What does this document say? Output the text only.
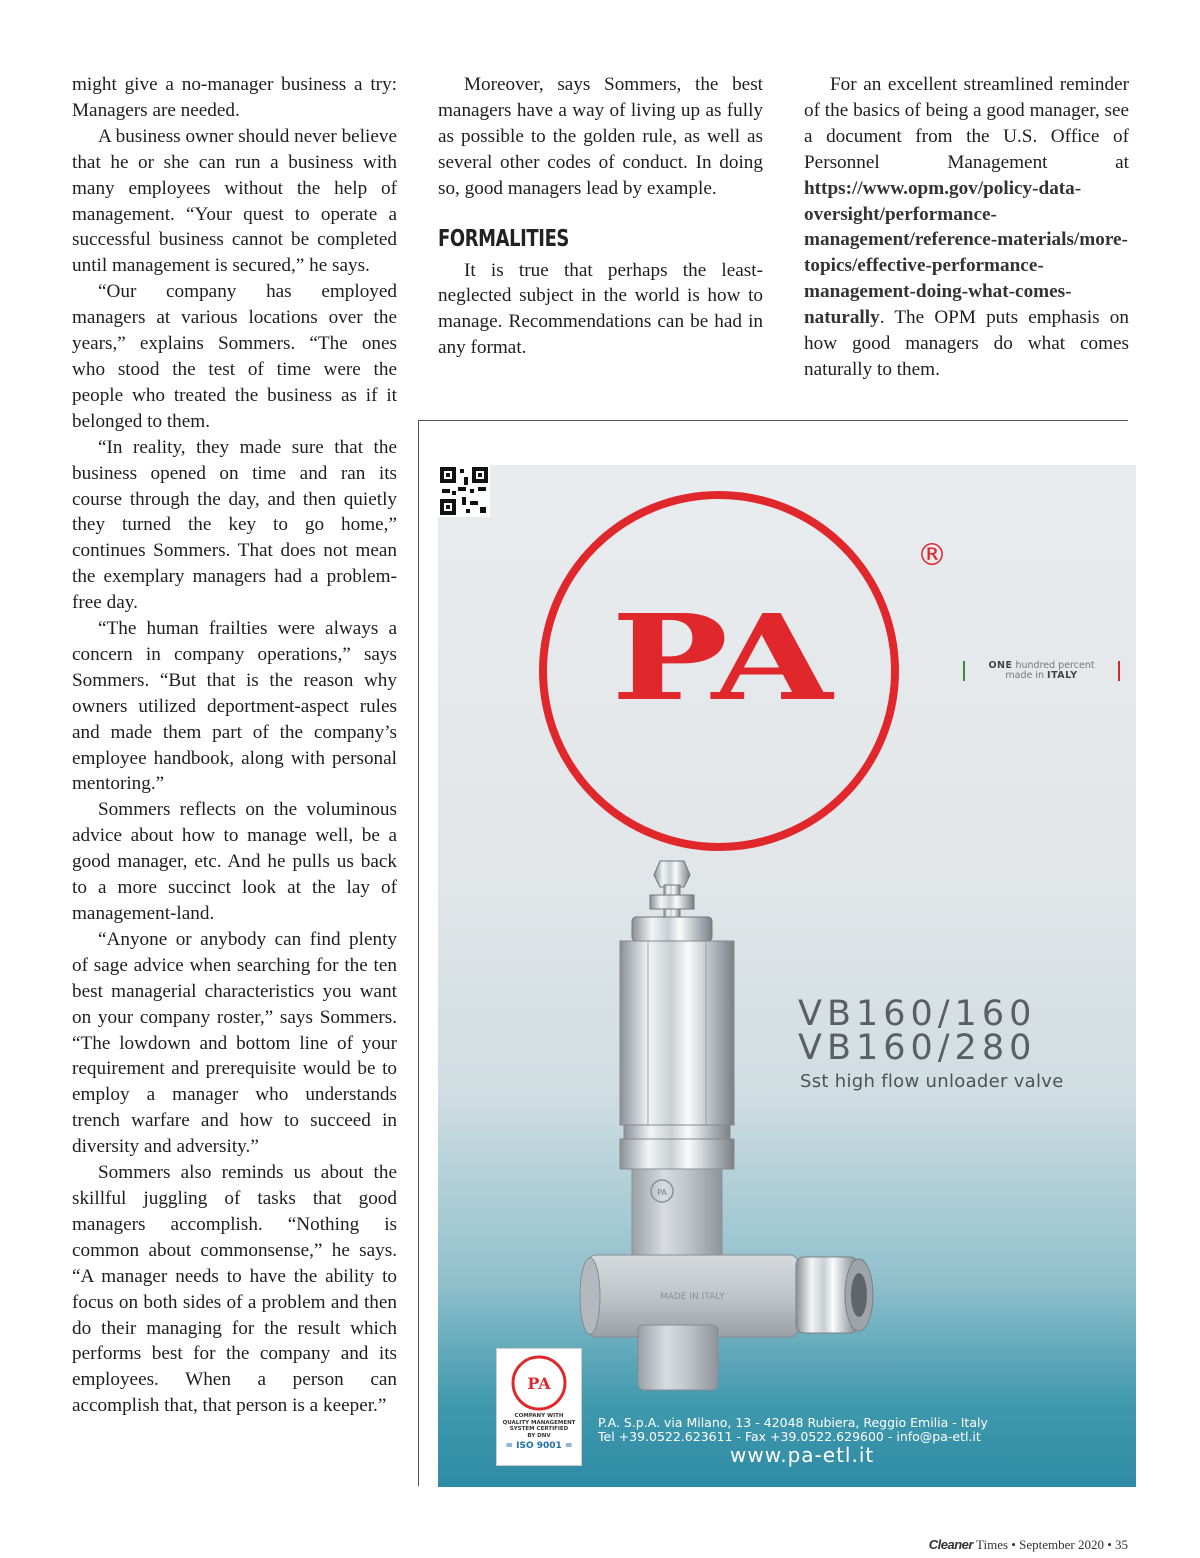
might give a no-manager business a try: Managers are needed.

A business owner should never believe that he or she can run a business with many employees without the help of management. “Your quest to operate a successful business cannot be completed until management is secured,” he says.

“Our company has employed managers at various locations over the years,” explains Sommers. “The ones who stood the test of time were the people who treated the business as if it belonged to them.

“In reality, they made sure that the business opened on time and ran its course through the day, and then quietly they turned the key to go home,” continues Sommers. That does not mean the exemplary managers had a problem-free day.

“The human frailties were always a concern in company operations,” says Sommers. “But that is the reason why owners utilized deportment-aspect rules and made them part of the company’s employee handbook, along with personal mentoring.”

Sommers reflects on the voluminous advice about how to manage well, be a good manager, etc. And he pulls us back to a more succinct look at the lay of management-land.

“Anyone or anybody can find plenty of sage advice when searching for the ten best managerial characteristics you want on your company roster,” says Sommers. “The lowdown and bottom line of your requirement and prerequisite would be to employ a manager who understands trench warfare and how to succeed in diversity and adversity.”

Sommers also reminds us about the skillful juggling of tasks that good managers accomplish. “Nothing is common about commonsense,” he says. “A manager needs to have the ability to focus on both sides of a problem and then do their managing for the result which performs best for the company and its employees. When a person can accomplish that, that person is a keeper.”

Moreover, says Sommers, the best managers have a way of living up as fully as possible to the golden rule, as well as several other codes of conduct. In doing so, good managers lead by example.

FORMALITIES

It is true that perhaps the least-neglected subject in the world is how to manage. Recommendations can be had in any format.

For an excellent streamlined reminder of the basics of being a good manager, see a document from the U.S. Office of Personnel Management at https://www.opm.gov/policy-data-oversight/performance-management/reference-materials/more-topics/effective-performance-management-doing-what-comes-naturally. The OPM puts emphasis on how good managers do what comes naturally to them.

PA
®
PA
MADE IN ITALY
ONE hundred percent
made in ITALY
VB160/160
VB160/280
Sst high flow unloader valve
PA
COMPANY WITH
QUALITY MANAGEMENT
SYSTEM CERTIFIED
BY DNV
= ISO 9001 =
P.A. S.p.A. via Milano, 13 - 42048 Rubiera, Reggio Emilia - Italy
Tel +39.0522.623611 - Fax +39.0522.629600 - info@pa-etl.it
www.pa-etl.it
Cleaner Times • September 2020 • 35
